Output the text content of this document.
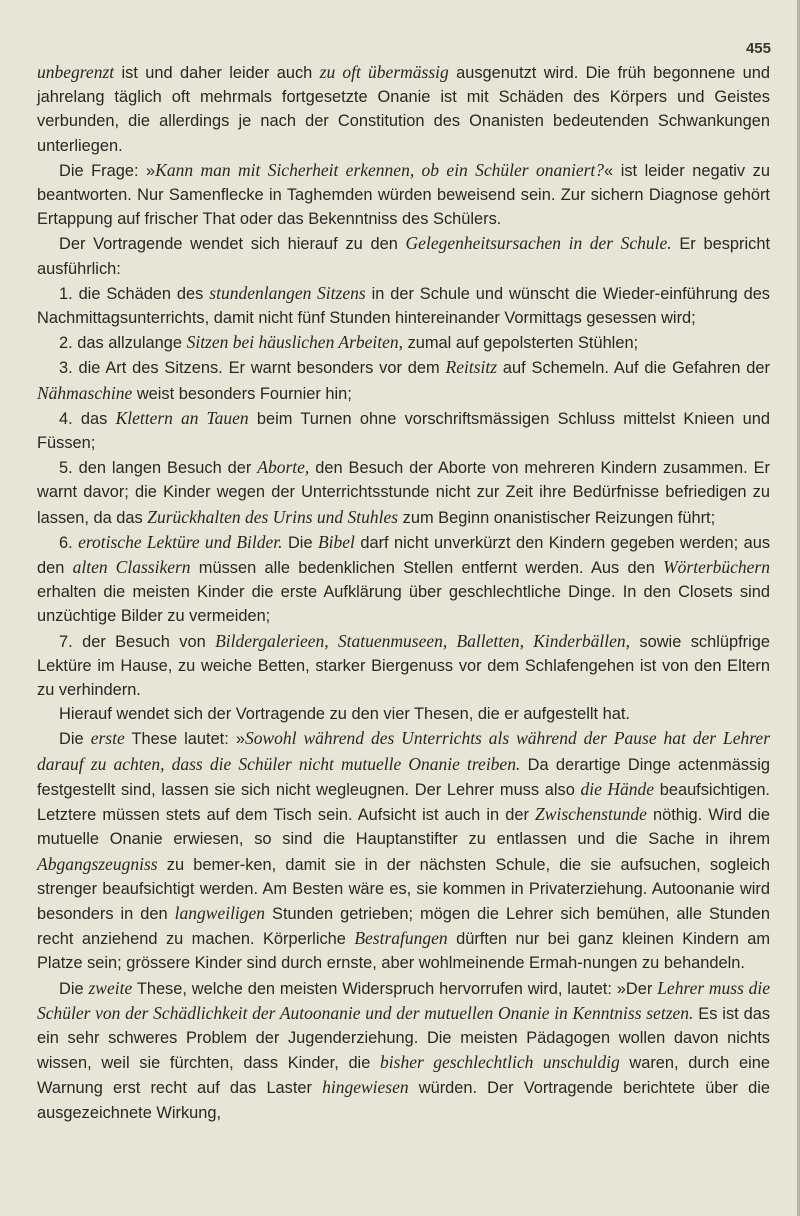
455

unbegrenzt ist und daher leider auch zu oft übermässig ausgenutzt wird. Die früh begonnene und jahrelang täglich oft mehrmals fortgesetzte Onanie ist mit Schäden des Körpers und Geistes verbunden, die allerdings je nach der Constitution des Onanisten bedeutenden Schwankungen unterliegen.

Die Frage: »Kann man mit Sicherheit erkennen, ob ein Schüler onaniert?« ist leider negativ zu beantworten. Nur Samenflecke in Taghemden würden beweisend sein. Zur sichern Diagnose gehört Ertappung auf frischer That oder das Bekenntniss des Schülers.

Der Vortragende wendet sich hierauf zu den Gelegenheitsursachen in der Schule. Er bespricht ausführlich:

1. die Schäden des stundenlangen Sitzens in der Schule und wünscht die Wieder-einführung des Nachmittagsunterrichts, damit nicht fünf Stunden hintereinander Vormittags gesessen wird;

2. das allzulange Sitzen bei häuslichen Arbeiten, zumal auf gepolsterten Stühlen;

3. die Art des Sitzens. Er warnt besonders vor dem Reitsitz auf Schemeln. Auf die Gefahren der Nähmaschine weist besonders Fournier hin;

4. das Klettern an Tauen beim Turnen ohne vorschriftsmässigen Schluss mittelst Knieen und Füssen;

5. den langen Besuch der Aborte, den Besuch der Aborte von mehreren Kindern zusammen. Er warnt davor; die Kinder wegen der Unterrichtsstunde nicht zur Zeit ihre Bedürfnisse befriedigen zu lassen, da das Zurückhalten des Urins und Stuhles zum Beginn onanistischer Reizungen führt;

6. erotische Lektüre und Bilder. Die Bibel darf nicht unverkürzt den Kindern gegeben werden; aus den alten Classikern müssen alle bedenklichen Stellen entfernt werden. Aus den Wörterbüchern erhalten die meisten Kinder die erste Aufklärung über geschlechtliche Dinge. In den Closets sind unzüchtige Bilder zu vermeiden;

7. der Besuch von Bildergalerieen, Statuenmuseen, Balletten, Kinderbällen, sowie schlüpfrige Lektüre im Hause, zu weiche Betten, starker Biergenuss vor dem Schlafengehen ist von den Eltern zu verhindern.

Hierauf wendet sich der Vortragende zu den vier Thesen, die er aufgestellt hat.

Die erste These lautet: »Sowohl während des Unterrichts als während der Pause hat der Lehrer darauf zu achten, dass die Schüler nicht mutuelle Onanie treiben. Da derartige Dinge actenmässig festgestellt sind, lassen sie sich nicht wegleugnen. Der Lehrer muss also die Hände beaufsichtigen. Letztere müssen stets auf dem Tisch sein. Aufsicht ist auch in der Zwischenstunde nöthig. Wird die mutuelle Onanie erwiesen, so sind die Hauptanstifter zu entlassen und die Sache in ihrem Abgangszeugniss zu bemer-ken, damit sie in der nächsten Schule, die sie aufsuchen, sogleich strenger beaufsichtigt werden. Am Besten wäre es, sie kommen in Privaterziehung. Autoonanie wird besonders in den langweiligen Stunden getrieben; mögen die Lehrer sich bemühen, alle Stunden recht anziehend zu machen. Körperliche Bestrafungen dürften nur bei ganz kleinen Kindern am Platze sein; grössere Kinder sind durch ernste, aber wohlmeinende Ermah-nungen zu behandeln.

Die zweite These, welche den meisten Widerspruch hervorrufen wird, lautet: »Der Lehrer muss die Schüler von der Schädlichkeit der Autoonanie und der mutuellen Onanie in Kenntniss setzen. Es ist das ein sehr schweres Problem der Jugenderziehung. Die meisten Pädagogen wollen davon nichts wissen, weil sie fürchten, dass Kinder, die bisher geschlechtlich unschuldig waren, durch eine Warnung erst recht auf das Laster hingewiesen würden. Der Vortragende berichtete über die ausgezeichnete Wirkung,
